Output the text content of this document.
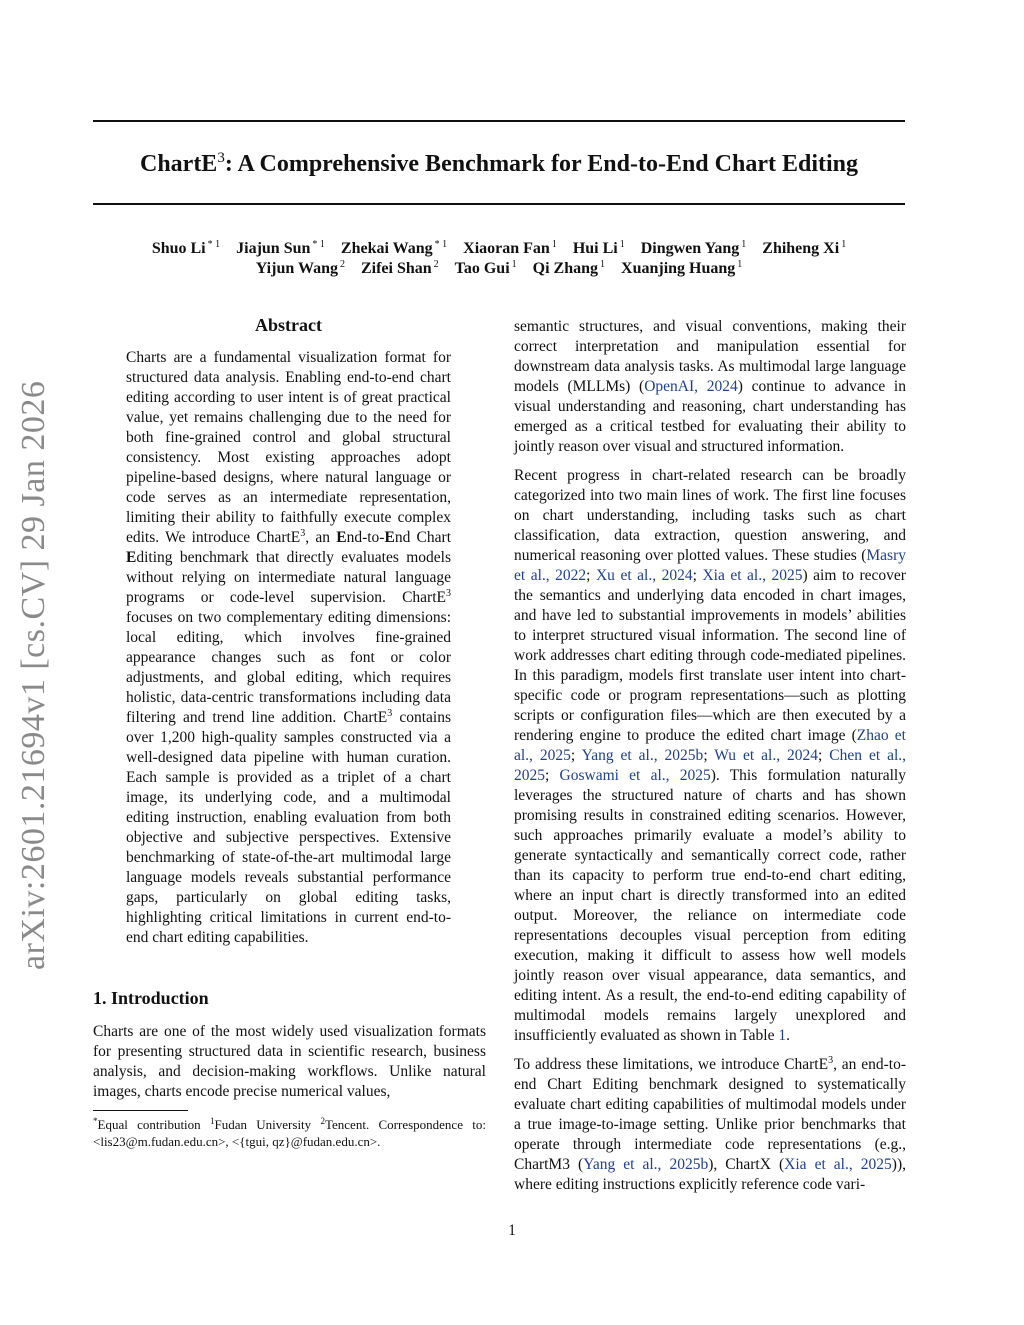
arXiv:2601.21694v1 [cs.CV] 29 Jan 2026
ChartE$^3$: A Comprehensive Benchmark for End-to-End Chart Editing
Shuo Li $^{* 1}$ Jiajun Sun $^{* 1}$ Zhekai Wang $^{* 1}$ Xiaoran Fan $^1$ Hui Li $^1$ Dingwen Yang $^1$ Zhiheng Xi $^1$
Yijun Wang $^2$ Zifei Shan $^2$ Tao Gui $^1$ Qi Zhang $^1$ Xuanjing Huang $^1$
Abstract

Charts are a fundamental visualization format for structured data analysis. Enabling end-to-end chart editing according to user intent is of great practical value, yet remains challenging due to the need for both fine-grained control and global structural consistency. Most existing approaches adopt pipeline-based designs, where natural language or code serves as an intermediate representation, limiting their ability to faithfully execute complex edits. We introduce ChartE$^3$, an End-to-End Chart Editing benchmark that directly evaluates models without relying on intermediate natural language programs or code-level supervision. ChartE$^3$ focuses on two complementary editing dimensions: local editing, which involves fine-grained appearance changes such as font or color adjustments, and global editing, which requires holistic, data-centric transformations including data filtering and trend line addition. ChartE$^3$ contains over 1,200 high-quality samples constructed via a well-designed data pipeline with human curation. Each sample is provided as a triplet of a chart image, its underlying code, and a multimodal editing instruction, enabling evaluation from both objective and subjective perspectives. Extensive benchmarking of state-of-the-art multimodal large language models reveals substantial performance gaps, particularly on global editing tasks, highlighting critical limitations in current end-to-end chart editing capabilities.

1. Introduction

Charts are one of the most widely used visualization formats for presenting structured data in scientific research, business analysis, and decision-making workflows. Unlike natural images, charts encode precise numerical values,

*Equal contribution $^1$Fudan University $^2$Tencent. Correspondence to: <lis23@m.fudan.edu.cn>, <{tgui, qz}@fudan.edu.cn>.

semantic structures, and visual conventions, making their correct interpretation and manipulation essential for downstream data analysis tasks. As multimodal large language models (MLLMs) (OpenAI, 2024) continue to advance in visual understanding and reasoning, chart understanding has emerged as a critical testbed for evaluating their ability to jointly reason over visual and structured information.

Recent progress in chart-related research can be broadly categorized into two main lines of work. The first line focuses on chart understanding, including tasks such as chart classification, data extraction, question answering, and numerical reasoning over plotted values. These studies (Masry et al., 2022; Xu et al., 2024; Xia et al., 2025) aim to recover the semantics and underlying data encoded in chart images, and have led to substantial improvements in models’ abilities to interpret structured visual information. The second line of work addresses chart editing through code-mediated pipelines. In this paradigm, models first translate user intent into chart-specific code or program representations—such as plotting scripts or configuration files—which are then executed by a rendering engine to produce the edited chart image (Zhao et al., 2025; Yang et al., 2025b; Wu et al., 2024; Chen et al., 2025; Goswami et al., 2025). This formulation naturally leverages the structured nature of charts and has shown promising results in constrained editing scenarios. However, such approaches primarily evaluate a model’s ability to generate syntactically and semantically correct code, rather than its capacity to perform true end-to-end chart editing, where an input chart is directly transformed into an edited output. Moreover, the reliance on intermediate code representations decouples visual perception from editing execution, making it difficult to assess how well models jointly reason over visual appearance, data semantics, and editing intent. As a result, the end-to-end editing capability of multimodal models remains largely unexplored and insufficiently evaluated as shown in Table 1.

To address these limitations, we introduce ChartE$^3$, an end-to-end Chart Editing benchmark designed to systematically evaluate chart editing capabilities of multimodal models under a true image-to-image setting. Unlike prior benchmarks that operate through intermediate code representations (e.g., ChartM3 (Yang et al., 2025b), ChartX (Xia et al., 2025)), where editing instructions explicitly reference code vari-

1
